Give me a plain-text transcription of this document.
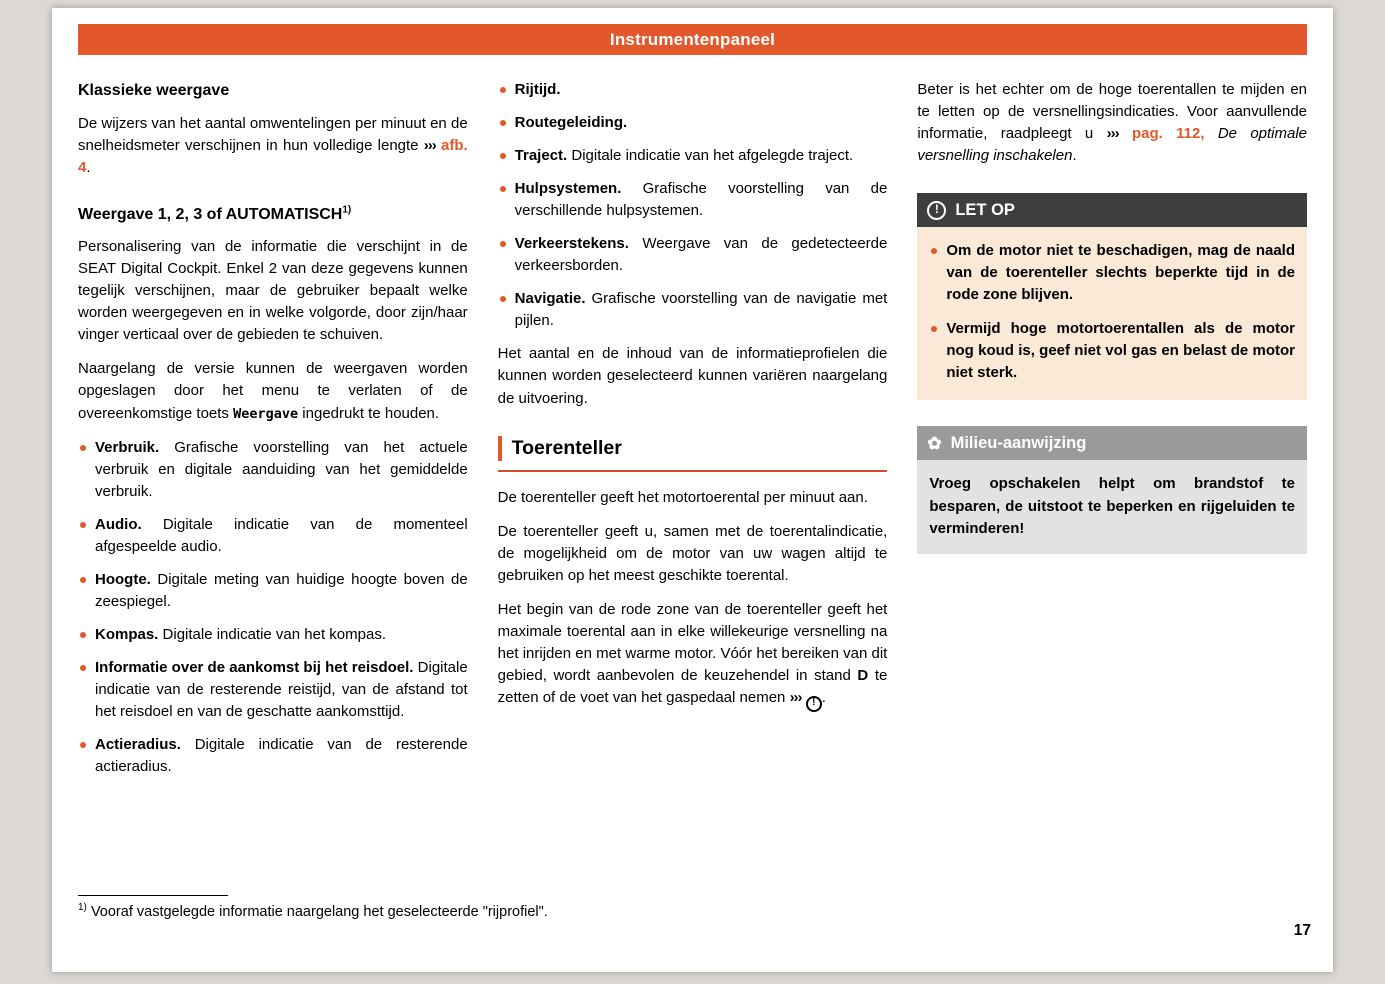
Instrumentenpaneel
Klassieke weergave

De wijzers van het aantal omwentelingen per minuut en de snelheidsmeter verschijnen in hun volledige lengte ››› afb. 4.

Weergave 1, 2, 3 of AUTOMATISCH$^{1)}$

Personalisering van de informatie die verschijnt in de SEAT Digital Cockpit. Enkel 2 van deze gegevens kunnen tegelijk verschijnen, maar de gebruiker bepaalt welke worden weergegeven en in welke volgorde, door zijn/haar vinger verticaal over de gebieden te schuiven.

Naargelang de versie kunnen de weergaven worden opgeslagen door het menu te verlaten of de overeenkomstige toets Weergave ingedrukt te houden.

Verbruik. Grafische voorstelling van het actuele verbruik en digitale aanduiding van het gemiddelde verbruik.
Audio. Digitale indicatie van de momenteel afgespeelde audio.
Hoogte. Digitale meting van huidige hoogte boven de zeespiegel.
Kompas. Digitale indicatie van het kompas.
Informatie over de aankomst bij het reisdoel. Digitale indicatie van de resterende reistijd, van de afstand tot het reisdoel en van de geschatte aankomsttijd.
Actieradius. Digitale indicatie van de resterende actieradius.
Rijtijd.
Routegeleiding.
Traject. Digitale indicatie van het afgelegde traject.
Hulpsystemen. Grafische voorstelling van de verschillende hulpsystemen.
Verkeerstekens. Weergave van de gedetecteerde verkeersborden.
Navigatie. Grafische voorstelling van de navigatie met pijlen.

Het aantal en de inhoud van de informatieprofielen die kunnen worden geselecteerd kunnen variëren naargelang de uitvoering.

Toerenteller

De toerenteller geeft het motortoerental per minuut aan.

De toerenteller geeft u, samen met de toerentalindicatie, de mogelijkheid om de motor van uw wagen altijd te gebruiken op het meest geschikte toerental.

Het begin van de rode zone van de toerenteller geeft het maximale toerental aan in elke willekeurige versnelling na het inrijden en met warme motor. Vóór het bereiken van dit gebied, wordt aanbevolen de keuzehendel in stand D te zetten of de voet van het gaspedaal nemen ››› ! .

Beter is het echter om de hoge toerentallen te mijden en te letten op de versnellingsindicaties. Voor aanvullende informatie, raadpleegt u ››› pag. 112, De optimale versnelling inschakelen.

! LET OP
Om de motor niet te beschadigen, mag de naald van de toerenteller slechts beperkte tijd in de rode zone blijven.
Vermijd hoge motortoerentallen als de motor nog koud is, geef niet vol gas en belast de motor niet sterk.
✿ Milieu-aanwijzing

Vroeg opschakelen helpt om brandstof te besparen, de uitstoot te beperken en rijgeluiden te verminderen!

$^{1)}$ Vooraf vastgelegde informatie naargelang het geselecteerde "rijprofiel".

17
